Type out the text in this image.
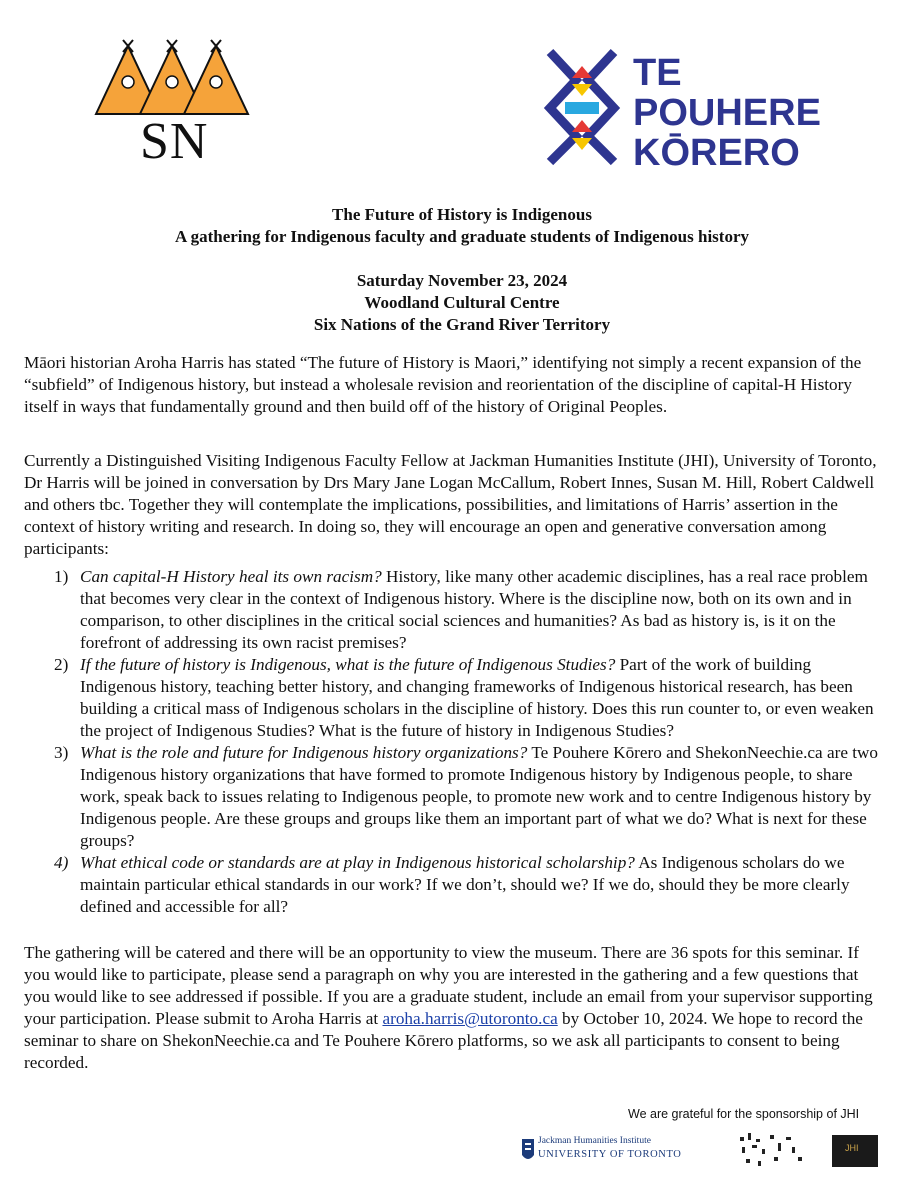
SN
TE
POUHERE
KŌRERO
The Future of History is Indigenous
A gathering for Indigenous faculty and graduate students of Indigenous history
Saturday November 23, 2024
Woodland Cultural Centre
Six Nations of the Grand River Territory
Māori historian Aroha Harris has stated “The future of History is Maori,” identifying not simply a recent expansion of the “subfield” of Indigenous history, but instead a wholesale revision and reorientation of the discipline of capital-H History itself in ways that fundamentally ground and then build off of the history of Original Peoples.
Currently a Distinguished Visiting Indigenous Faculty Fellow at Jackman Humanities Institute (JHI), University of Toronto, Dr Harris will be joined in conversation by Drs Mary Jane Logan McCallum, Robert Innes, Susan M. Hill, Robert Caldwell and others tbc. Together they will contemplate the implications, possibilities, and limitations of Harris’ assertion in the context of history writing and research. In doing so, they will encourage an open and generative conversation among participants:
1) Can capital-H History heal its own racism? History, like many other academic disciplines, has a real race problem that becomes very clear in the context of Indigenous history. Where is the discipline now, both on its own and in comparison, to other disciplines in the critical social sciences and humanities? As bad as history is, is it on the forefront of addressing its own racist premises?
2) If the future of history is Indigenous, what is the future of Indigenous Studies? Part of the work of building Indigenous history, teaching better history, and changing frameworks of Indigenous historical research, has been building a critical mass of Indigenous scholars in the discipline of history. Does this run counter to, or even weaken the project of Indigenous Studies? What is the future of history in Indigenous Studies?
3) What is the role and future for Indigenous history organizations? Te Pouhere Kōrero and ShekonNeechie.ca are two Indigenous history organizations that have formed to promote Indigenous history by Indigenous people, to share work, speak back to issues relating to Indigenous people, to promote new work and to centre Indigenous history by Indigenous people. Are these groups and groups like them an important part of what we do? What is next for these groups?
4) What ethical code or standards are at play in Indigenous historical scholarship? As Indigenous scholars do we maintain particular ethical standards in our work? If we don’t, should we? If we do, should they be more clearly defined and accessible for all?
The gathering will be catered and there will be an opportunity to view the museum. There are 36 spots for this seminar. If you would like to participate, please send a paragraph on why you are interested in the gathering and a few questions that you would like to see addressed if possible. If you are a graduate student, include an email from your supervisor supporting your participation. Please submit to Aroha Harris at aroha.harris@utoronto.ca by October 10, 2024. We hope to record the seminar to share on ShekonNeechie.ca and Te Pouhere Kōrero platforms, so we ask all participants to consent to being recorded.
We are grateful for the sponsorship of JHI
Jackman Humanities Institute
UNIVERSITY OF TORONTO
JHI
